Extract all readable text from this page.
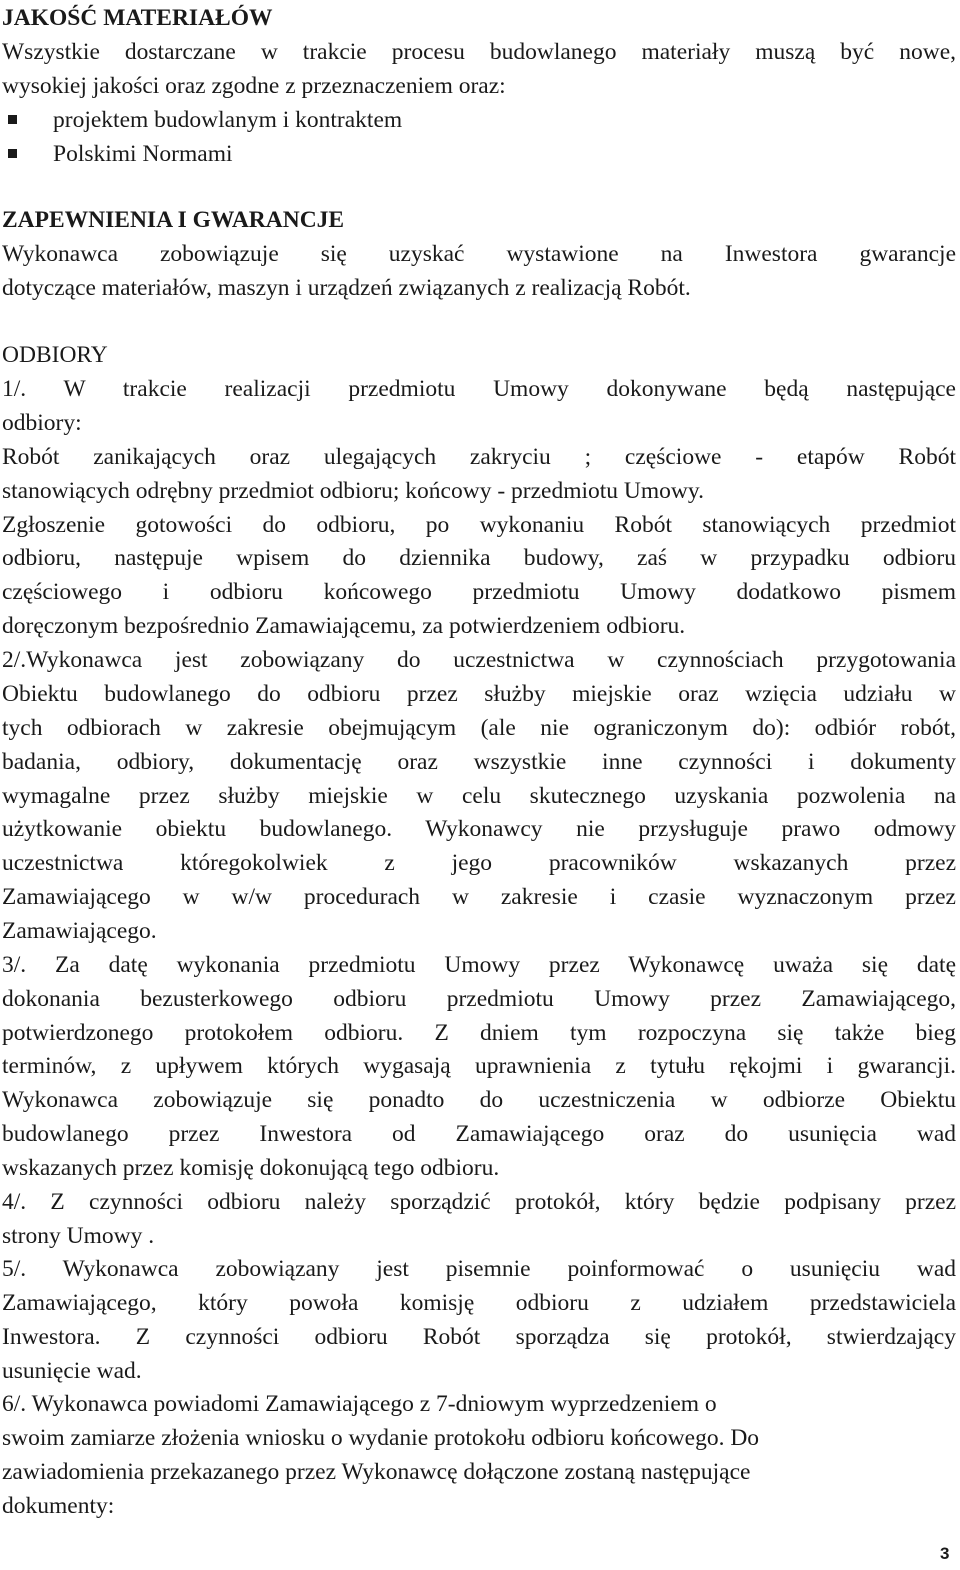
JAKOŚĆ MATERIAŁÓW
Wszystkie dostarczane w trakcie procesu budowlanego materiały muszą być nowe,
wysokiej jakości oraz zgodne z przeznaczeniem oraz:
projektem budowlanym i kontraktem
Polskimi Normami
ZAPEWNIENIA I GWARANCJE
Wykonawca zobowiązuje się uzyskać wystawione na Inwestora gwarancje
dotyczące materiałów, maszyn i urządzeń związanych z realizacją Robót.
ODBIORY
1/. W trakcie realizacji przedmiotu Umowy dokonywane będą następujące
odbiory:
Robót zanikających oraz ulegających zakryciu ; częściowe - etapów Robót
stanowiących odrębny przedmiot odbioru; końcowy - przedmiotu Umowy.
Zgłoszenie gotowości do odbioru, po wykonaniu Robót stanowiących przedmiot
odbioru, następuje wpisem do dziennika budowy, zaś w przypadku odbioru
częściowego i odbioru końcowego przedmiotu Umowy dodatkowo pismem
doręczonym bezpośrednio Zamawiającemu, za potwierdzeniem odbioru.
2/.Wykonawca jest zobowiązany do uczestnictwa w czynnościach przygotowania
Obiektu budowlanego do odbioru przez służby miejskie oraz wzięcia udziału w
tych odbiorach w zakresie obejmującym (ale nie ograniczonym do): odbiór robót,
badania, odbiory, dokumentację oraz wszystkie inne czynności i dokumenty
wymagalne przez służby miejskie w celu skutecznego uzyskania pozwolenia na
użytkowanie obiektu budowlanego. Wykonawcy nie przysługuje prawo odmowy
uczestnictwa któregokolwiek z jego pracowników wskazanych przez
Zamawiającego w w/w procedurach w zakresie i czasie wyznaczonym przez
Zamawiającego.
3/. Za datę wykonania przedmiotu Umowy przez Wykonawcę uważa się datę
dokonania bezusterkowego odbioru przedmiotu Umowy przez Zamawiającego,
potwierdzonego protokołem odbioru. Z dniem tym rozpoczyna się także bieg
terminów, z upływem których wygasają uprawnienia z tytułu rękojmi i gwarancji.
Wykonawca zobowiązuje się ponadto do uczestniczenia w odbiorze Obiektu
budowlanego przez Inwestora od Zamawiającego oraz do usunięcia wad
wskazanych przez komisję dokonującą tego odbioru.
4/. Z czynności odbioru należy sporządzić protokół, który będzie podpisany przez
strony Umowy .
5/. Wykonawca zobowiązany jest pisemnie poinformować o usunięciu wad
Zamawiającego, który powoła komisję odbioru z udziałem przedstawiciela
Inwestora. Z czynności odbioru Robót sporządza się protokół, stwierdzający
usunięcie wad.
6/. Wykonawca powiadomi Zamawiającego z 7-dniowym wyprzedzeniem o
swoim zamiarze złożenia wniosku o wydanie protokołu odbioru końcowego. Do
zawiadomienia przekazanego przez Wykonawcę dołączone zostaną następujące
dokumenty:
3
